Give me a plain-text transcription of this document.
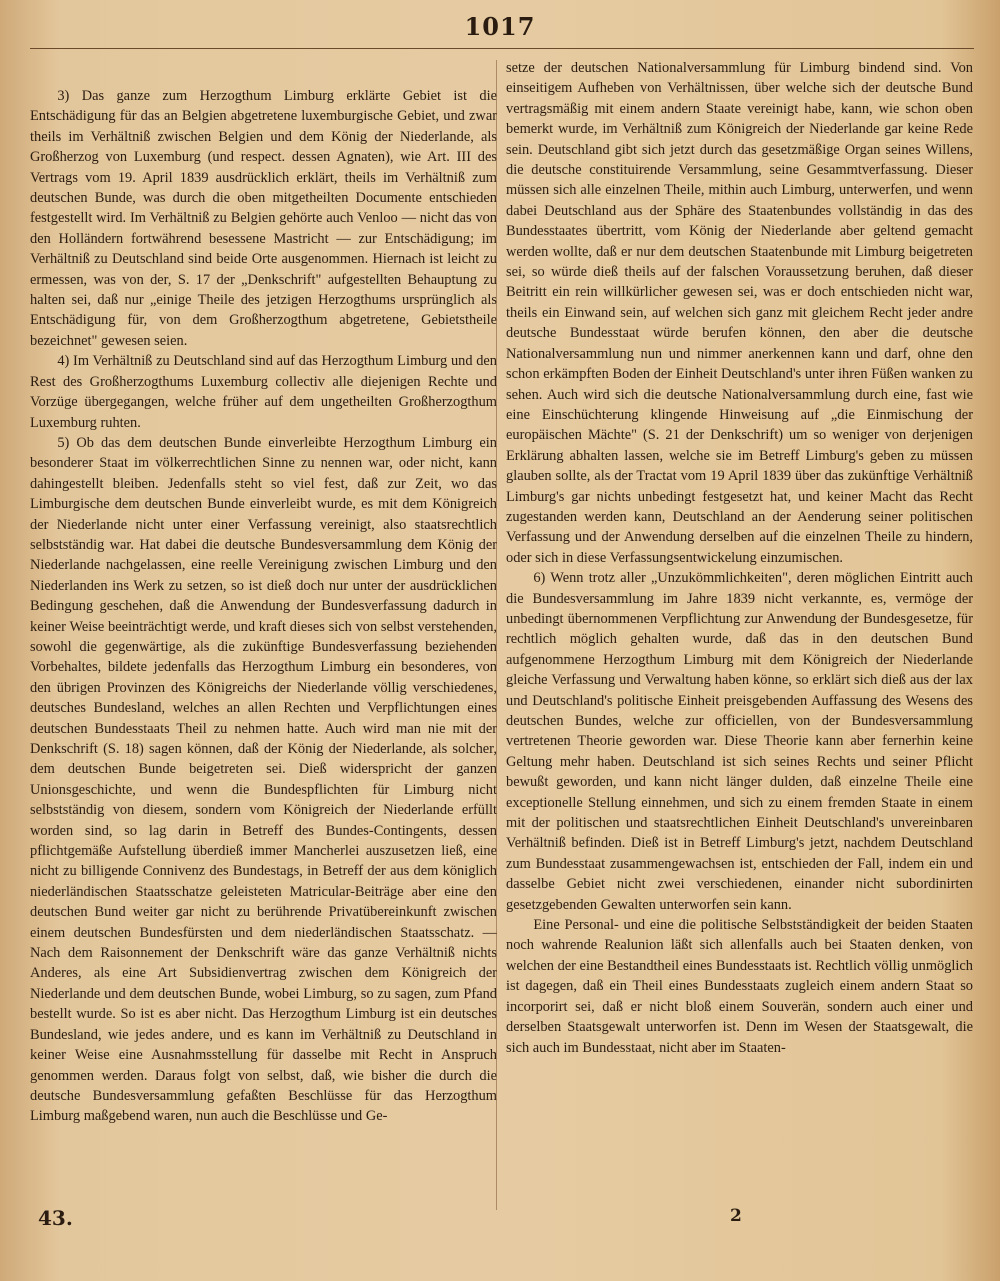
1017

3) Das ganze zum Herzogthum Limburg erklärte Gebiet ist die Entschädigung für das an Belgien abgetretene luxemburgische Gebiet, und zwar theils im Verhältniß zwischen Belgien und dem König der Niederlande, als Großherzog von Luxemburg (und respect. dessen Agnaten), wie Art. III des Vertrags vom 19. April 1839 ausdrücklich erklärt, theils im Verhältniß zum deutschen Bunde, was durch die oben mitgetheilten Documente entschieden festgestellt wird. Im Verhältniß zu Belgien gehörte auch Venloo — nicht das von den Holländern fortwährend besessene Mastricht — zur Entschädigung; im Verhältniß zu Deutschland sind beide Orte ausgenommen. Hiernach ist leicht zu ermessen, was von der, S. 17 der „Denkschrift" aufgestellten Behauptung zu halten sei, daß nur „einige Theile des jetzigen Herzogthums ursprünglich als Entschädigung für, von dem Großherzogthum abgetretene, Gebietstheile bezeichnet" gewesen seien.

4) Im Verhältniß zu Deutschland sind auf das Herzogthum Limburg und den Rest des Großherzogthums Luxemburg collectiv alle diejenigen Rechte und Vorzüge übergegangen, welche früher auf dem ungetheilten Großherzogthum Luxemburg ruhten.

5) Ob das dem deutschen Bunde einverleibte Herzogthum Limburg ein besonderer Staat im völkerrechtlichen Sinne zu nennen war, oder nicht, kann dahingestellt bleiben. Jedenfalls steht so viel fest, daß zur Zeit, wo das Limburgische dem deutschen Bunde einverleibt wurde, es mit dem Königreich der Niederlande nicht unter einer Verfassung vereinigt, also staatsrechtlich selbstständig war. Hat dabei die deutsche Bundesversammlung dem König der Niederlande nachgelassen, eine reelle Vereinigung zwischen Limburg und den Niederlanden ins Werk zu setzen, so ist dieß doch nur unter der ausdrücklichen Bedingung geschehen, daß die Anwendung der Bundesverfassung dadurch in keiner Weise beeinträchtigt werde, und kraft dieses sich von selbst verstehenden, sowohl die gegenwärtige, als die zukünftige Bundesverfassung beziehenden Vorbehaltes, bildete jedenfalls das Herzogthum Limburg ein besonderes, von den übrigen Provinzen des Königreichs der Niederlande völlig verschiedenes, deutsches Bundesland, welches an allen Rechten und Verpflichtungen eines deutschen Bundesstaats Theil zu nehmen hatte. Auch wird man nie mit der Denkschrift (S. 18) sagen können, daß der König der Niederlande, als solcher, dem deutschen Bunde beigetreten sei. Dieß widerspricht der ganzen Unionsgeschichte, und wenn die Bundespflichten für Limburg nicht selbstständig von diesem, sondern vom Königreich der Niederlande erfüllt worden sind, so lag darin in Betreff des Bundes-Contingents, dessen pflichtgemäße Aufstellung überdieß immer Mancherlei auszusetzen ließ, eine nicht zu billigende Connivenz des Bundestags, in Betreff der aus dem königlich niederländischen Staatsschatze geleisteten Matricular-Beiträge aber eine den deutschen Bund weiter gar nicht zu berührende Privatübereinkunft zwischen einem deutschen Bundesfürsten und dem niederländischen Staatsschatz. — Nach dem Raisonnement der Denkschrift wäre das ganze Verhältniß nichts Anderes, als eine Art Subsidienvertrag zwischen dem Königreich der Niederlande und dem deutschen Bunde, wobei Limburg, so zu sagen, zum Pfand bestellt wurde. So ist es aber nicht. Das Herzogthum Limburg ist ein deutsches Bundesland, wie jedes andere, und es kann im Verhältniß zu Deutschland in keiner Weise eine Ausnahmsstellung für dasselbe mit Recht in Anspruch genommen werden. Daraus folgt von selbst, daß, wie bisher die durch die deutsche Bundesversammlung gefaßten Beschlüsse für das Herzogthum Limburg maßgebend waren, nun auch die Beschlüsse und Ge-

setze der deutschen Nationalversammlung für Limburg bindend sind. Von einseitigem Aufheben von Verhältnissen, über welche sich der deutsche Bund vertragsmäßig mit einem andern Staate vereinigt habe, kann, wie schon oben bemerkt wurde, im Verhältniß zum Königreich der Niederlande gar keine Rede sein. Deutschland gibt sich jetzt durch das gesetzmäßige Organ seines Willens, die deutsche constituirende Versammlung, seine Gesammtverfassung. Dieser müssen sich alle einzelnen Theile, mithin auch Limburg, unterwerfen, und wenn dabei Deutschland aus der Sphäre des Staatenbundes vollständig in das des Bundesstaates übertritt, vom König der Niederlande aber geltend gemacht werden wollte, daß er nur dem deutschen Staatenbunde mit Limburg beigetreten sei, so würde dieß theils auf der falschen Voraussetzung beruhen, daß dieser Beitritt ein rein willkürlicher gewesen sei, was er doch entschieden nicht war, theils ein Einwand sein, auf welchen sich ganz mit gleichem Recht jeder andre deutsche Bundesstaat würde berufen können, den aber die deutsche Nationalversammlung nun und nimmer anerkennen kann und darf, ohne den schon erkämpften Boden der Einheit Deutschland's unter ihren Füßen wanken zu sehen. Auch wird sich die deutsche Nationalversammlung durch eine, fast wie eine Einschüchterung klingende Hinweisung auf „die Einmischung der europäischen Mächte" (S. 21 der Denkschrift) um so weniger von derjenigen Erklärung abhalten lassen, welche sie im Betreff Limburg's geben zu müssen glauben sollte, als der Tractat vom 19 April 1839 über das zukünftige Verhältniß Limburg's gar nichts unbedingt festgesetzt hat, und keiner Macht das Recht zugestanden werden kann, Deutschland an der Aenderung seiner politischen Verfassung und der Anwendung derselben auf die einzelnen Theile zu hindern, oder sich in diese Verfassungsentwickelung einzumischen.

6) Wenn trotz aller „Unzukömmlichkeiten", deren möglichen Eintritt auch die Bundesversammlung im Jahre 1839 nicht verkannte, es, vermöge der unbedingt übernommenen Verpflichtung zur Anwendung der Bundesgesetze, für rechtlich möglich gehalten wurde, daß das in den deutschen Bund aufgenommene Herzogthum Limburg mit dem Königreich der Niederlande gleiche Verfassung und Verwaltung haben könne, so erklärt sich dieß aus der lax und Deutschland's politische Einheit preisgebenden Auffassung des Wesens des deutschen Bundes, welche zur officiellen, von der Bundesversammlung vertretenen Theorie geworden war. Diese Theorie kann aber fernerhin keine Geltung mehr haben. Deutschland ist sich seines Rechts und seiner Pflicht bewußt geworden, und kann nicht länger dulden, daß einzelne Theile eine exceptionelle Stellung einnehmen, und sich zu einem fremden Staate in einem mit der politischen und staatsrechtlichen Einheit Deutschland's unvereinbaren Verhältniß befinden. Dieß ist in Betreff Limburg's jetzt, nachdem Deutschland zum Bundesstaat zusammengewachsen ist, entschieden der Fall, indem ein und dasselbe Gebiet nicht zwei verschiedenen, einander nicht subordinirten gesetzgebenden Gewalten unterworfen sein kann.

Eine Personal- und eine die politische Selbstständigkeit der beiden Staaten noch wahrende Realunion läßt sich allenfalls auch bei Staaten denken, von welchen der eine Bestandtheil eines Bundesstaats ist. Rechtlich völlig unmöglich ist dagegen, daß ein Theil eines Bundesstaats zugleich einem andern Staat so incorporirt sei, daß er nicht bloß einem Souverän, sondern auch einer und derselben Staatsgewalt unterworfen ist. Denn im Wesen der Staatsgewalt, die sich auch im Bundesstaat, nicht aber im Staaten-

43.	2
